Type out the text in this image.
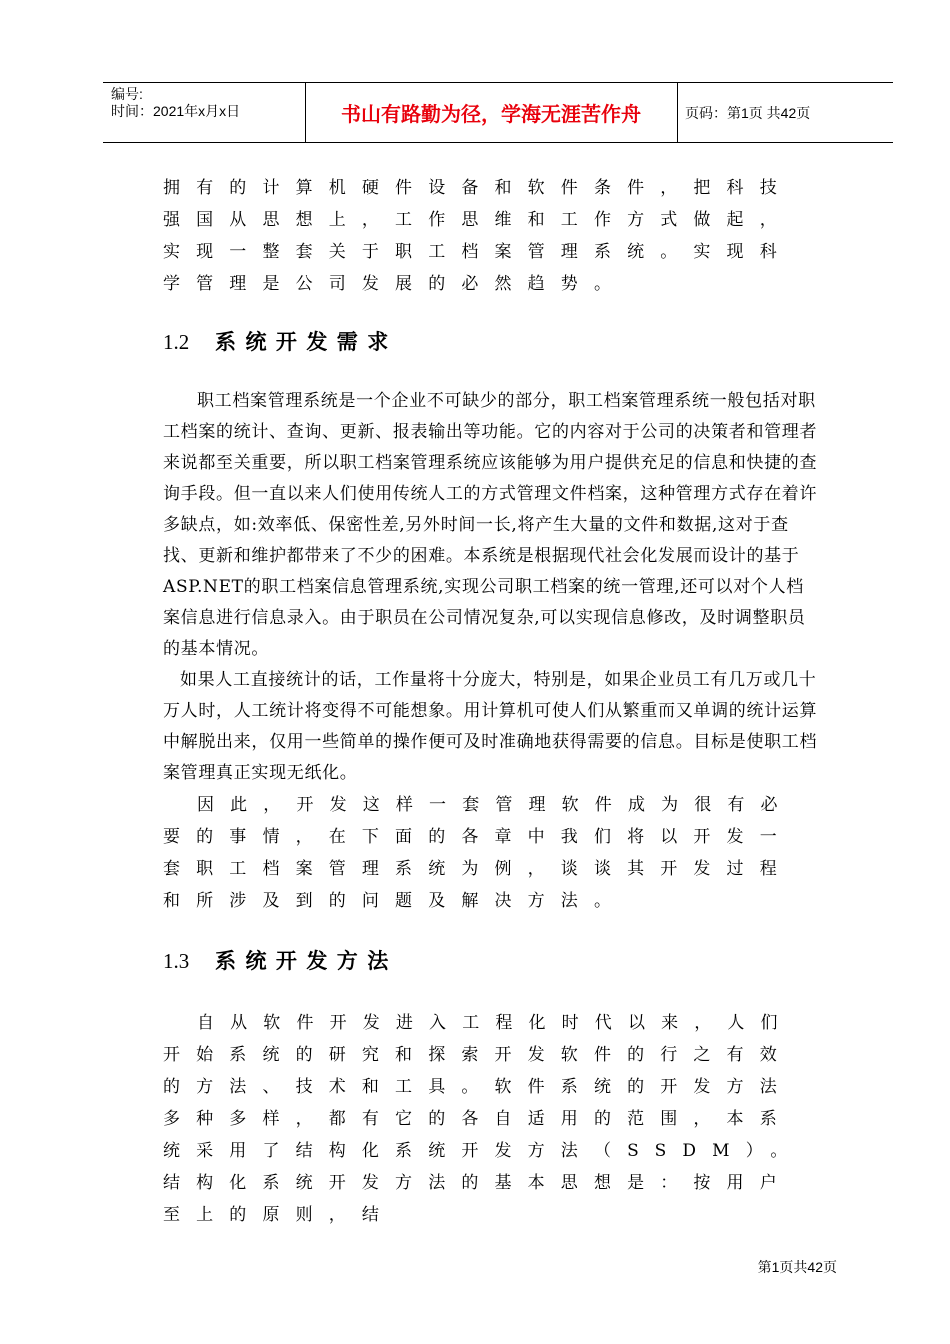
编号:
时间：2021年x月x日	书山有路勤为径，学海无涯苦作舟	页码：第1页 共42页

拥有的计算机硬件设备和软件条件，把科技强国从思想上，工作思维和工作方式做起，实现一整套关于职工档案管理系统。实现科学管理是公司发展的必然趋势。

1.2 系统开发需求

职工档案管理系统是一个企业不可缺少的部分，职工档案管理系统一般包括对职工档案的统计、查询、更新、报表输出等功能。它的内容对于公司的决策者和管理者来说都至关重要，所以职工档案管理系统应该能够为用户提供充足的信息和快捷的查询手段。但一直以来人们使用传统人工的方式管理文件档案，这种管理方式存在着许多缺点，如:效率低、保密性差,另外时间一长,将产生大量的文件和数据,这对于查找、更新和维护都带来了不少的困难。本系统是根据现代社会化发展而设计的基于ASP.NET的职工档案信息管理系统,实现公司职工档案的统一管理,还可以对个人档案信息进行信息录入。由于职员在公司情况复杂,可以实现信息修改，及时调整职员的基本情况。

如果人工直接统计的话，工作量将十分庞大，特别是，如果企业员工有几万或几十万人时，人工统计将变得不可能想象。用计算机可使人们从繁重而又单调的统计运算中解脱出来，仅用一些简单的操作便可及时准确地获得需要的信息。目标是使职工档案管理真正实现无纸化。

因此，开发这样一套管理软件成为很有必要的事情，在下面的各章中我们将以开发一套职工档案管理系统为例，谈谈其开发过程和所涉及到的问题及解决方法。

1.3 系统开发方法

自从软件开发进入工程化时代以来，人们开始系统的研究和探索开发软件的行之有效的方法、技术和工具。软件系统的开发方法多种多样，都有它的各自适用的范围，本系统采用了结构化系统开发方法（SSDM）。结构化系统开发方法的基本思想是：按用户至上的原则，结

第1页共42页
